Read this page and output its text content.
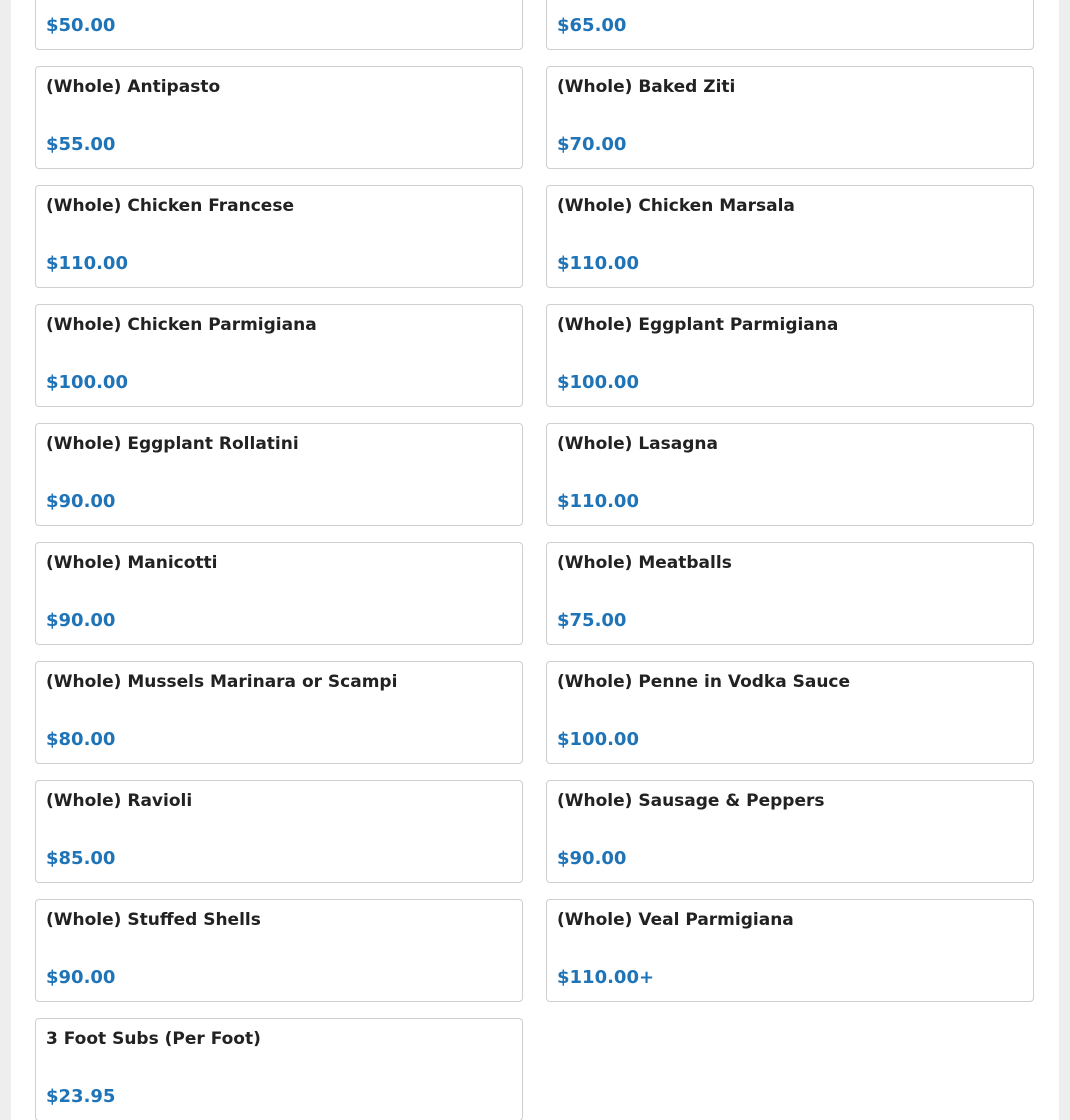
$50.00	$65.00
(Whole) Antipasto
$55.00
(Whole) Baked Ziti
$70.00
(Whole) Chicken Francese
$110.00
(Whole) Chicken Marsala
$110.00
(Whole) Chicken Parmigiana
$100.00
(Whole) Eggplant Parmigiana
$100.00
(Whole) Eggplant Rollatini
$90.00
(Whole) Lasagna
$110.00
(Whole) Manicotti
$90.00
(Whole) Meatballs
$75.00
(Whole) Mussels Marinara or Scampi
$80.00
(Whole) Penne in Vodka Sauce
$100.00
(Whole) Ravioli
$85.00
(Whole) Sausage & Peppers
$90.00
(Whole) Stuffed Shells
$90.00
(Whole) Veal Parmigiana
$110.00+
3 Foot Subs (Per Foot)
$23.95
